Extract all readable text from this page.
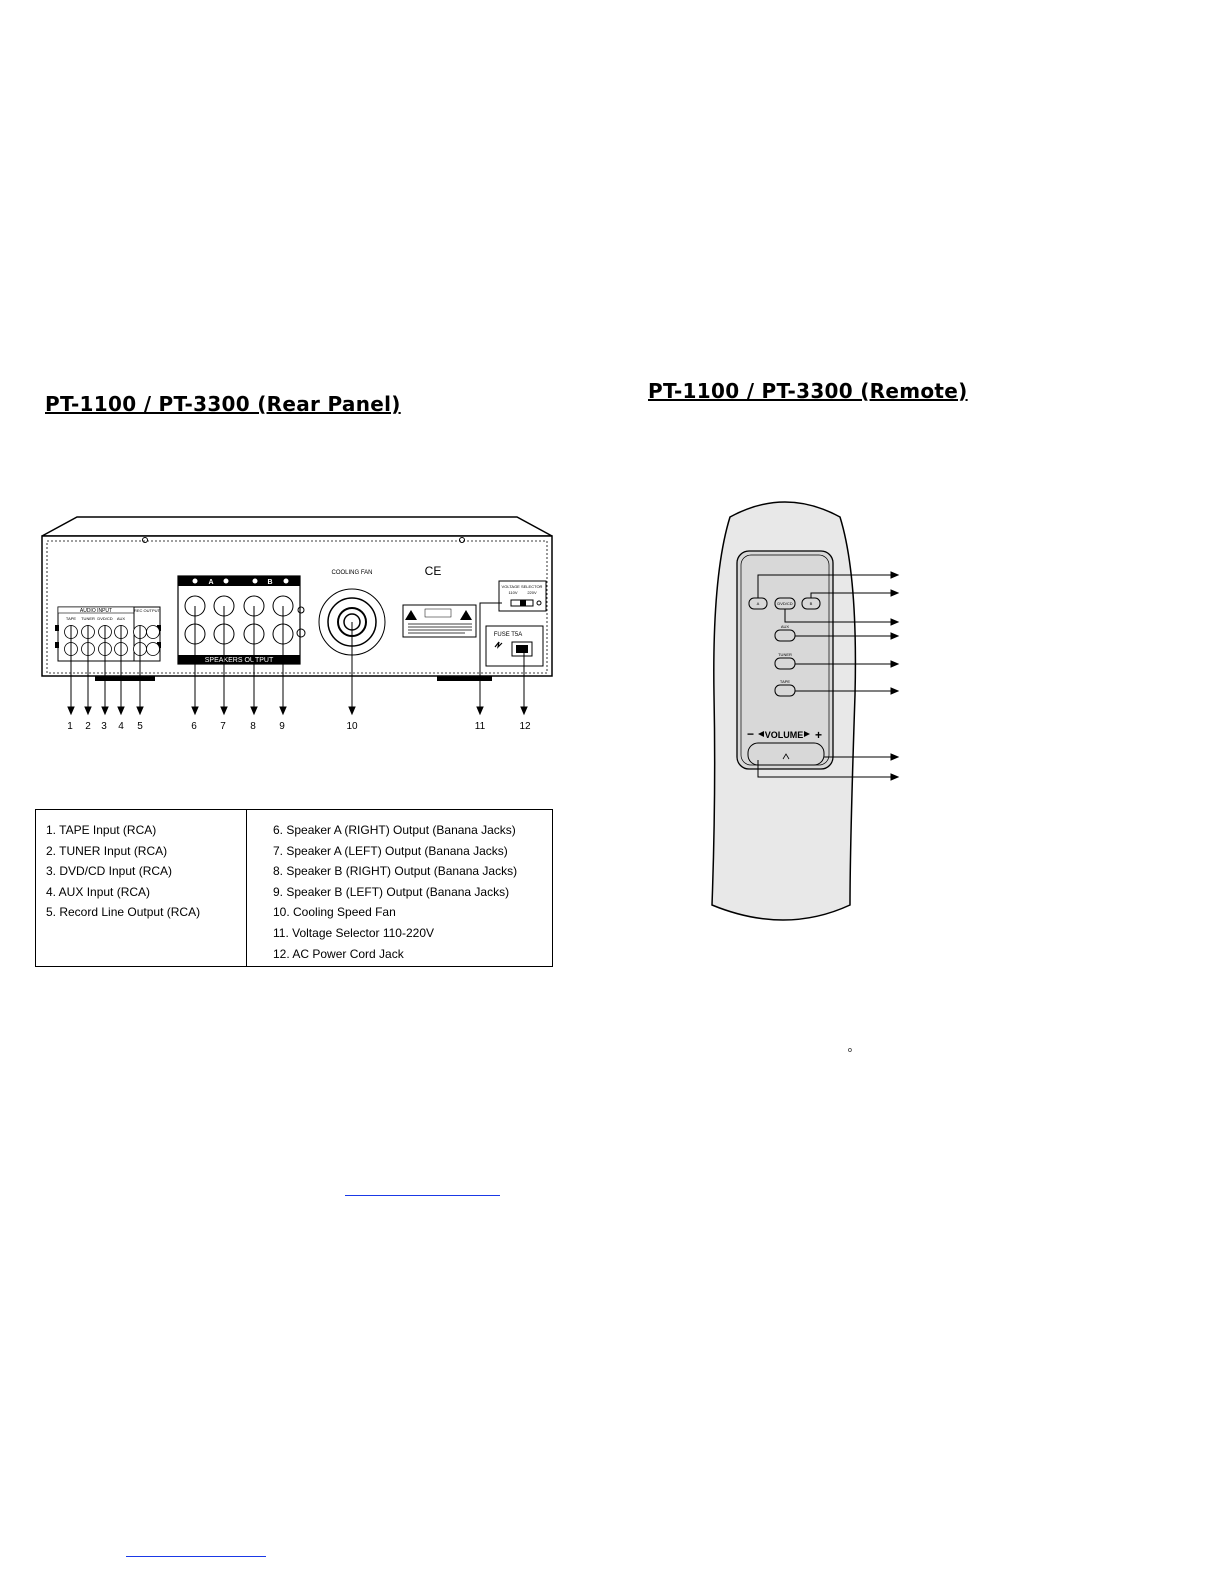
PT-1100 / PT-3300 (Rear Panel)
PT-1100 / PT-3300 (Remote)
AUDIO INPUT	REC OUTPUT
TAPE TUNER DVD/CD AUX
SPEAKERS OUTPUT
A	B
COOLING FAN	CE
VOLTAGE SELECTOR
110V 220V
FUSE T5A
1 2 3 4 5	6 7 8 9	10	11	12
1. TAPE Input (RCA)
2. TUNER Input (RCA)
3. DVD/CD Input (RCA)
4. AUX Input (RCA)
5. Record Line Output (RCA)
6. Speaker A (RIGHT) Output (Banana Jacks)
7. Speaker A (LEFT) Output (Banana Jacks)
8. Speaker B (RIGHT) Output (Banana Jacks)
9. Speaker B (LEFT) Output (Banana Jacks)
10. Cooling Speed Fan
11. Voltage Selector 110-220V
12. AC Power Cord Jack
A	DVD/CD	B
AUX
TUNER
TAPE
− VOLUME +
o
